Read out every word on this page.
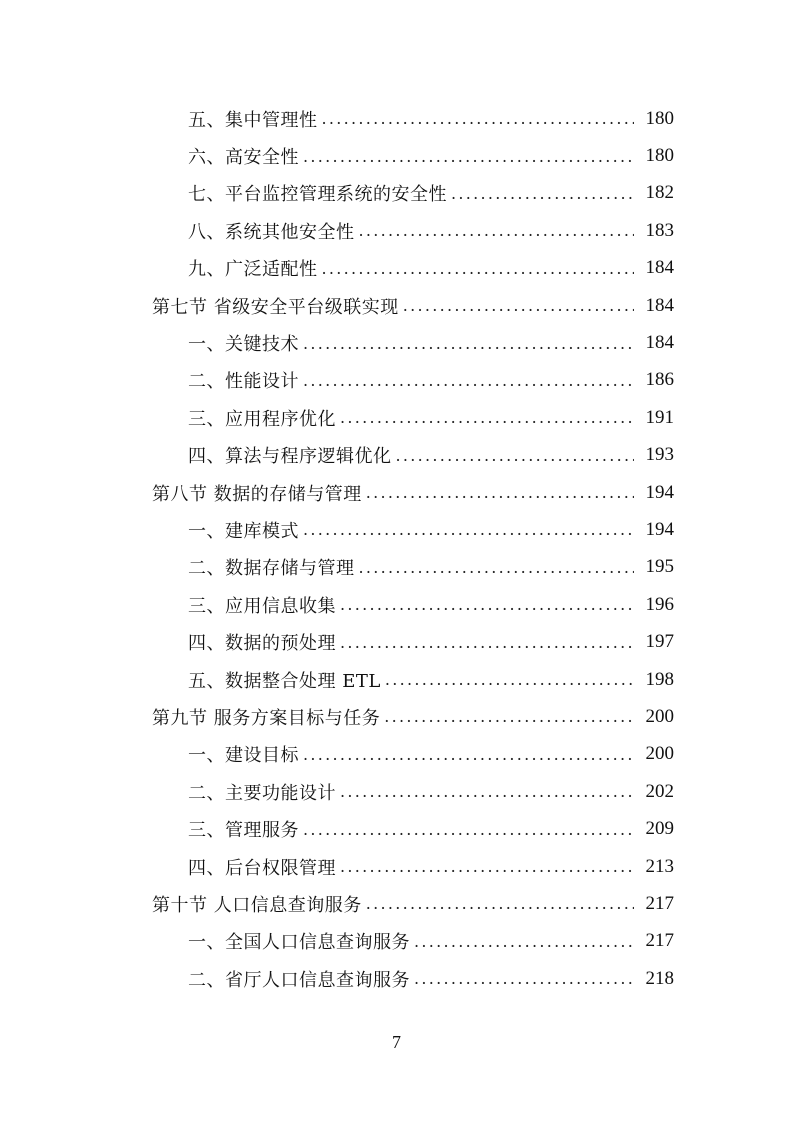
五、集中管理性 . . .	180
六、高安全性 . . .	180
七、平台监控管理系统的安全性 . . .	182
八、系统其他安全性 . . .	183
九、广泛适配性 . . .	184
第七节 省级安全平台级联实现 . . .	184
一、关键技术 . . .	184
二、性能设计 . . .	186
三、应用程序优化 . . .	191
四、算法与程序逻辑优化 . . .	193
第八节 数据的存储与管理 . . .	194
一、建库模式 . . .	194
二、数据存储与管理 . . .	195
三、应用信息收集 . . .	196
四、数据的预处理 . . .	197
五、数据整合处理 ETL . . .	198
第九节 服务方案目标与任务 . . .	200
一、建设目标 . . .	200
二、主要功能设计 . . .	202
三、管理服务 . . .	209
四、后台权限管理 . . .	213
第十节 人口信息查询服务 . . .	217
一、全国人口信息查询服务 . . .	217
二、省厅人口信息查询服务 . . .	218
7
